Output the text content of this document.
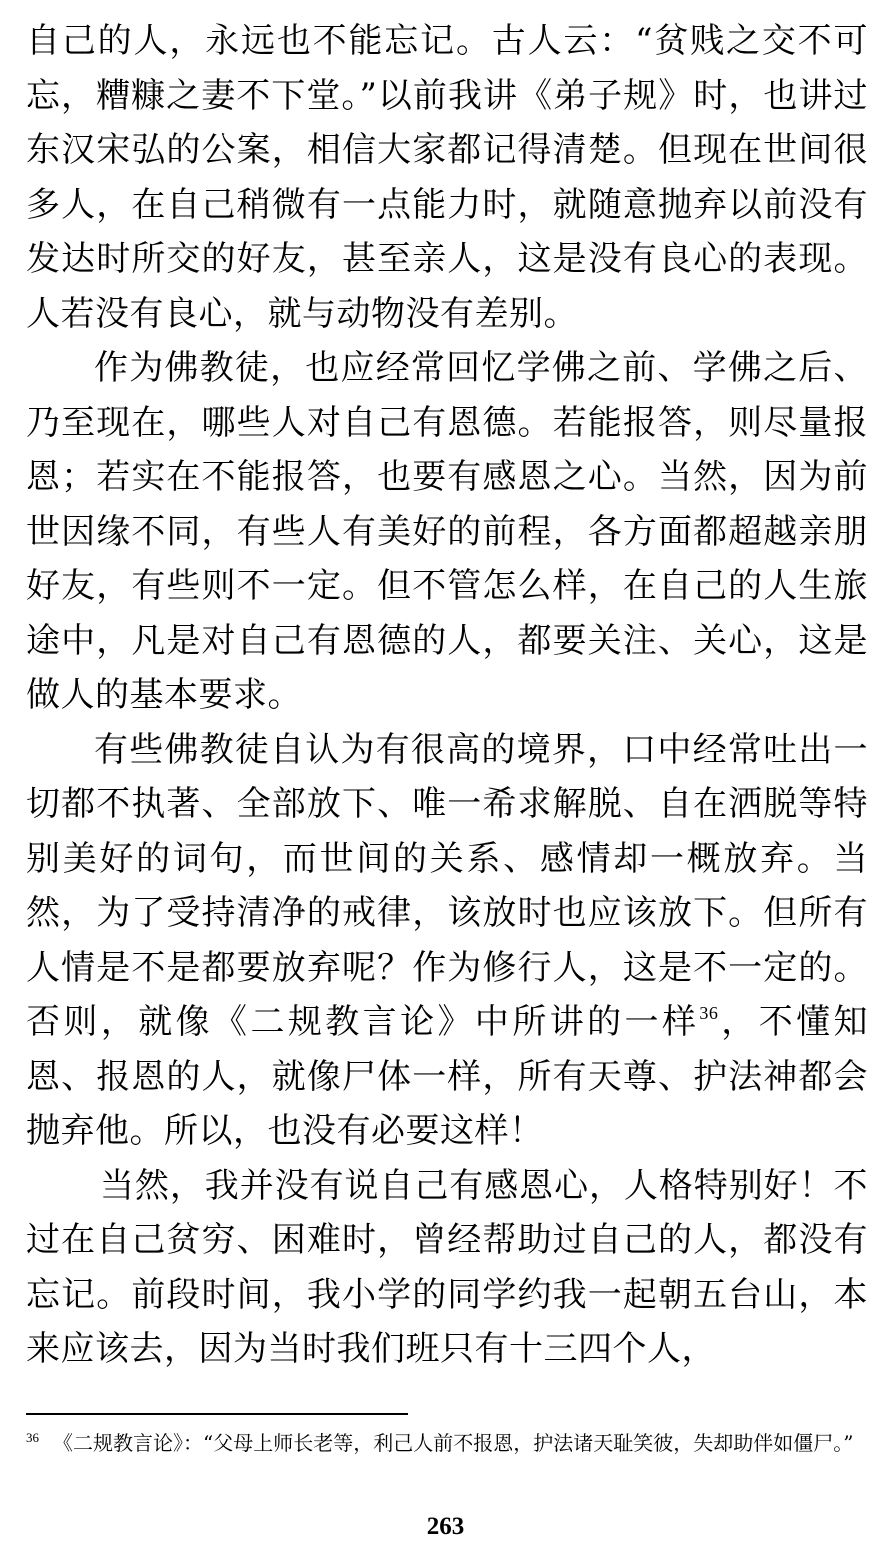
自己的人，永远也不能忘记。古人云：“贫贱之交不可忘，糟糠之妻不下堂。”以前我讲《弟子规》时，也讲过东汉宋弘的公案，相信大家都记得清楚。但现在世间很多人，在自己稍微有一点能力时，就随意抛弃以前没有发达时所交的好友，甚至亲人，这是没有良心的表现。人若没有良心，就与动物没有差别。

作为佛教徒，也应经常回忆学佛之前、学佛之后、乃至现在，哪些人对自己有恩德。若能报答，则尽量报恩；若实在不能报答，也要有感恩之心。当然，因为前世因缘不同，有些人有美好的前程，各方面都超越亲朋好友，有些则不一定。但不管怎么样，在自己的人生旅途中，凡是对自己有恩德的人，都要关注、关心，这是做人的基本要求。

有些佛教徒自认为有很高的境界，口中经常吐出一切都不执著、全部放下、唯一希求解脱、自在洒脱等特别美好的词句，而世间的关系、感情却一概放弃。当然，为了受持清净的戒律，该放时也应该放下。但所有人情是不是都要放弃呢？作为修行人，这是不一定的。否则，就像《二规教言论》中所讲的一样$^{36}$，不懂知恩、报恩的人，就像尸体一样，所有天尊、护法神都会抛弃他。所以，也没有必要这样！

当然，我并没有说自己有感恩心，人格特别好！不过在自己贫穷、困难时，曾经帮助过自己的人，都没有忘记。前段时间，我小学的同学约我一起朝五台山，本来应该去，因为当时我们班只有十三四个人，

$^{36}$ 《二规教言论》：“父母上师长老等，利己人前不报恩，护法诸天耻笑彼，失却助伴如僵尸。”
263
